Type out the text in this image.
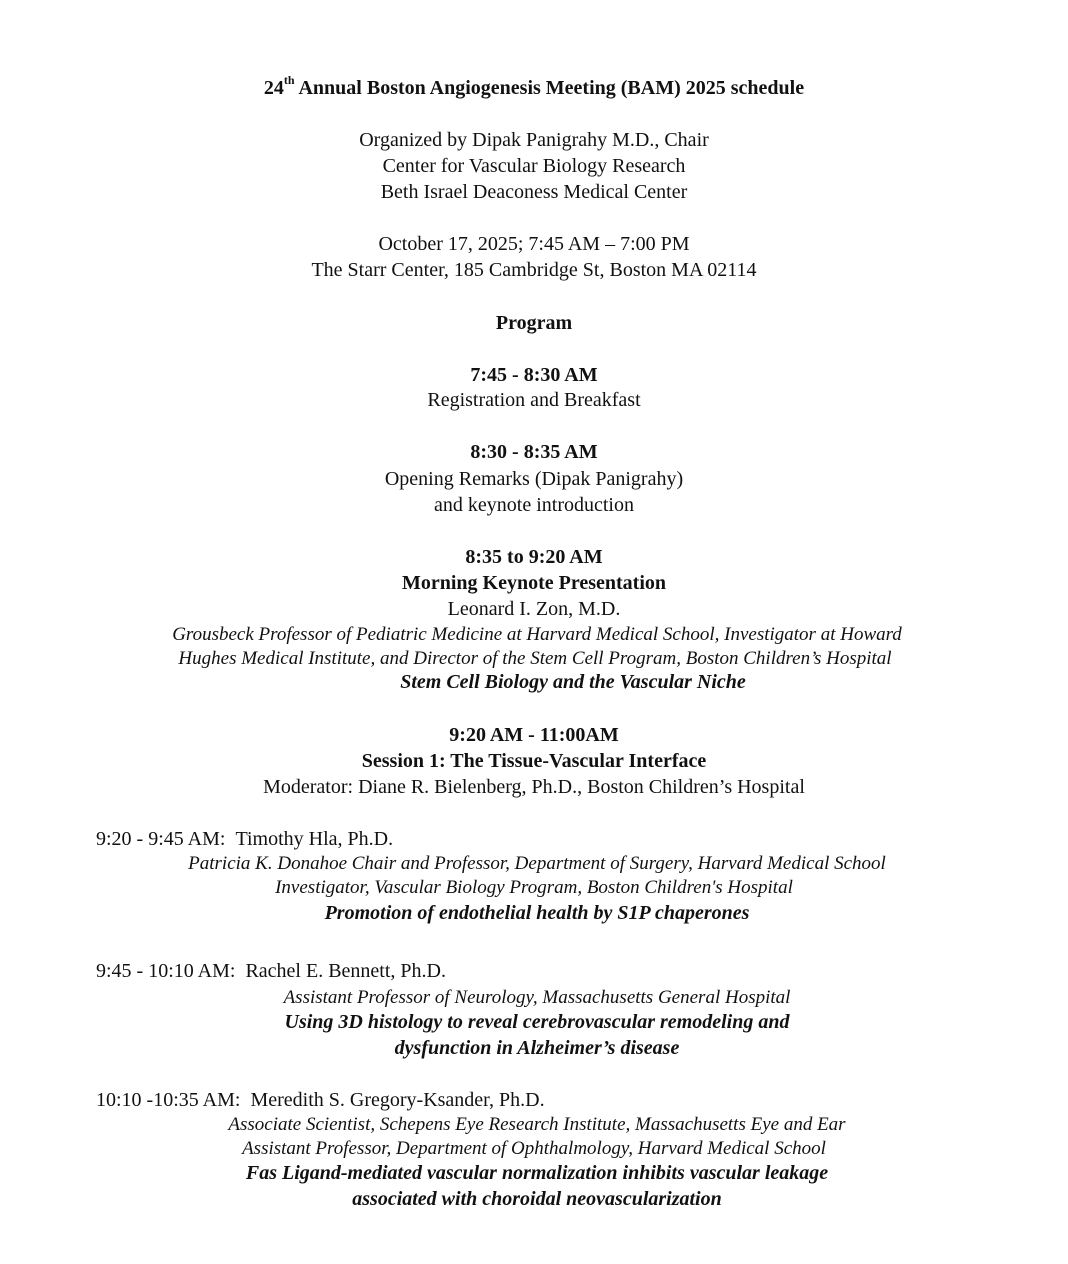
24th Annual Boston Angiogenesis Meeting (BAM) 2025 schedule
Organized by Dipak Panigrahy M.D., Chair
Center for Vascular Biology Research
Beth Israel Deaconess Medical Center
October 17, 2025; 7:45 AM – 7:00 PM
The Starr Center, 185 Cambridge St, Boston MA 02114
Program
7:45 - 8:30 AM
Registration and Breakfast
8:30 - 8:35 AM
Opening Remarks (Dipak Panigrahy)
and keynote introduction
8:35 to 9:20 AM
Morning Keynote Presentation
Leonard I. Zon, M.D.
Grousbeck Professor of Pediatric Medicine at Harvard Medical School, Investigator at Howard
Hughes Medical Institute, and Director of the Stem Cell Program, Boston Children’s Hospital
Stem Cell Biology and the Vascular Niche
9:20 AM - 11:00AM
Session 1: The Tissue-Vascular Interface
Moderator: Diane R. Bielenberg, Ph.D., Boston Children’s Hospital
9:20 - 9:45 AM: Timothy Hla, Ph.D.
Patricia K. Donahoe Chair and Professor, Department of Surgery, Harvard Medical School
Investigator, Vascular Biology Program, Boston Children's Hospital
Promotion of endothelial health by S1P chaperones
9:45 - 10:10 AM: Rachel E. Bennett, Ph.D.
Assistant Professor of Neurology, Massachusetts General Hospital
Using 3D histology to reveal cerebrovascular remodeling and
dysfunction in Alzheimer’s disease
10:10 -10:35 AM: Meredith S. Gregory-Ksander, Ph.D.
Associate Scientist, Schepens Eye Research Institute, Massachusetts Eye and Ear
Assistant Professor, Department of Ophthalmology, Harvard Medical School
Fas Ligand-mediated vascular normalization inhibits vascular leakage
associated with choroidal neovascularization
